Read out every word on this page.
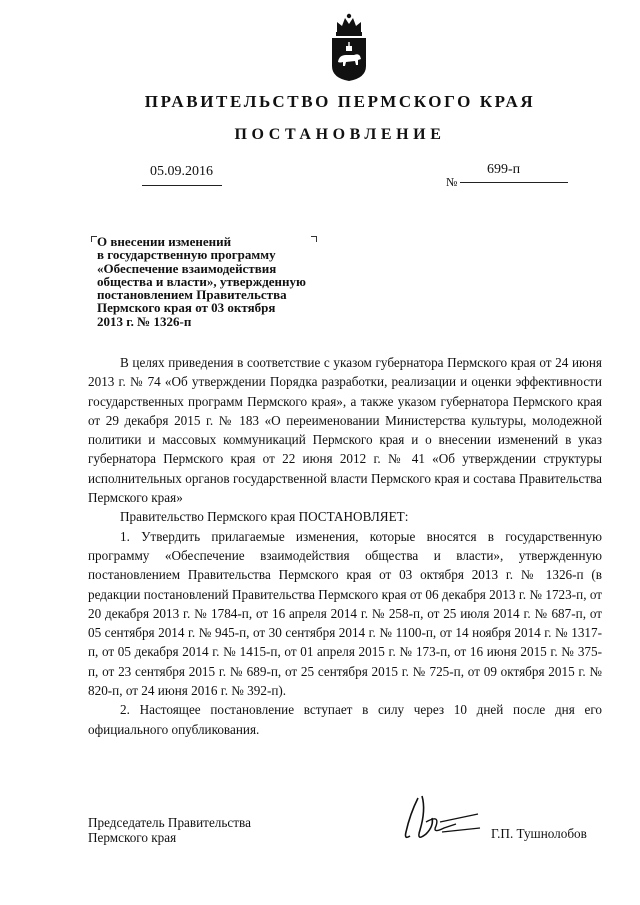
ПРАВИТЕЛЬСТВО ПЕРМСКОГО КРАЯ
ПОСТАНОВЛЕНИЕ
05.09.2016
№
699-п
О внесении изменений
в государственную программу
«Обеспечение взаимодействия
общества и власти», утвержденную
постановлением Правительства
Пермского края от 03 октября
2013 г. № 1326-п

В целях приведения в соответствие с указом губернатора Пермского края от 24 июня 2013 г. № 74 «Об утверждении Порядка разработки, реализации и оценки эффективности государственных программ Пермского края», а также указом губернатора Пермского края от 29 декабря 2015 г. № 183 «О переименовании Министерства культуры, молодежной политики и массовых коммуникаций Пермского края и о внесении изменений в указ губернатора Пермского края от 22 июня 2012 г. № 41 «Об утверждении структуры исполнительных органов государственной власти Пермского края и состава Правительства Пермского края»

Правительство Пермского края ПОСТАНОВЛЯЕТ:

1. Утвердить прилагаемые изменения, которые вносятся в государственную программу «Обеспечение взаимодействия общества и власти», утвержденную постановлением Правительства Пермского края от 03 октября 2013 г. № 1326-п (в редакции постановлений Правительства Пермского края от 06 декабря 2013 г. № 1723-п, от 20 декабря 2013 г. № 1784-п, от 16 апреля 2014 г. № 258-п, от 25 июля 2014 г. № 687-п, от 05 сентября 2014 г. № 945-п, от 30 сентября 2014 г. № 1100-п, от 14 ноября 2014 г. № 1317-п, от 05 декабря 2014 г. № 1415-п, от 01 апреля 2015 г. № 173-п, от 16 июня 2015 г. № 375-п, от 23 сентября 2015 г. № 689-п, от 25 сентября 2015 г. № 725-п, от 09 октября 2015 г. № 820-п, от 24 июня 2016 г. № 392-п).

2. Настоящее постановление вступает в силу через 10 дней после дня его официального опубликования.

Председатель Правительства
Пермского края	Г.П. Тушнолобов
